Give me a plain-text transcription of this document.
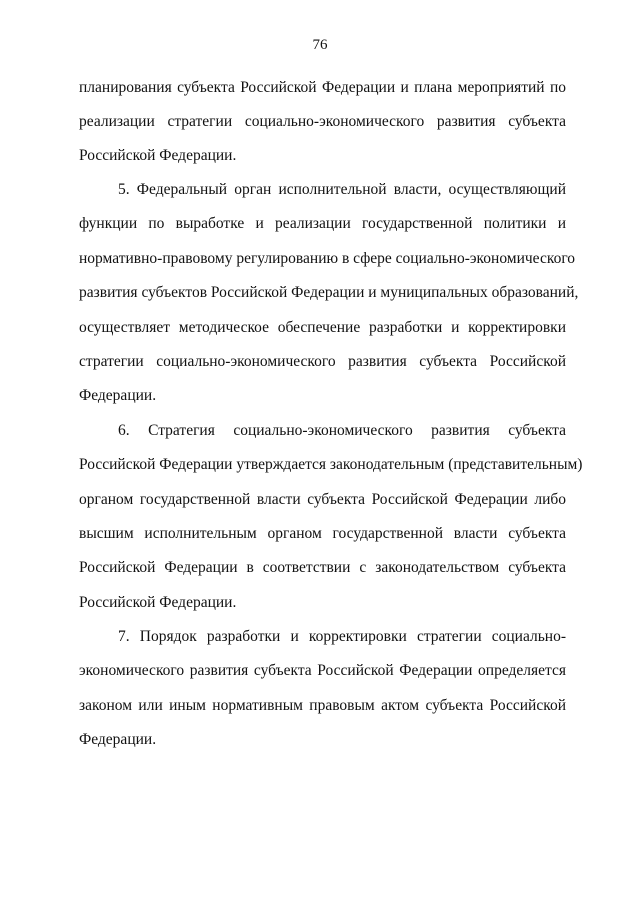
76
планирования субъекта Российской Федерации и плана мероприятий по
реализации стратегии социально-экономического развития субъекта
Российской Федерации.
5. Федеральный орган исполнительной власти, осуществляющий
функции по выработке и реализации государственной политики и
нормативно-правовому регулированию в сфере социально-экономического
развития субъектов Российской Федерации и муниципальных образований,
осуществляет методическое обеспечение разработки и корректировки
стратегии социально-экономического развития субъекта Российской
Федерации.
6. Стратегия социально-экономического развития субъекта
Российской Федерации утверждается законодательным (представительным)
органом государственной власти субъекта Российской Федерации либо
высшим исполнительным органом государственной власти субъекта
Российской Федерации в соответствии с законодательством субъекта
Российской Федерации.
7. Порядок разработки и корректировки стратегии социально-
экономического развития субъекта Российской Федерации определяется
законом или иным нормативным правовым актом субъекта Российской
Федерации.
